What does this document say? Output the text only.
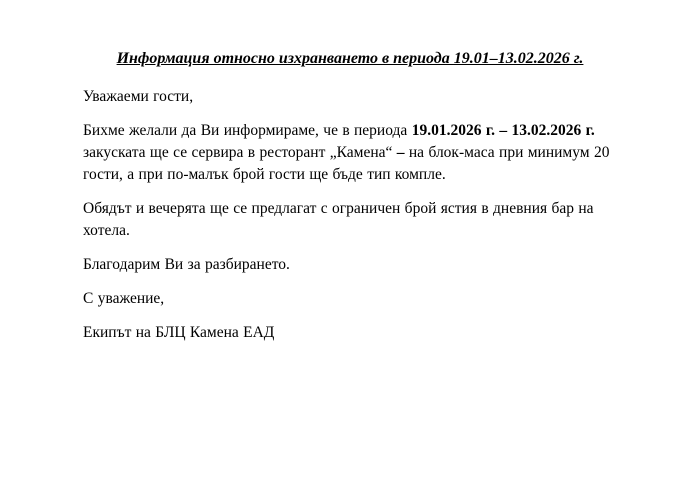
Информация относно изхранването в периода 19.01–13.02.2026 г.

Уважаеми гости,

Бихме желали да Ви информираме, че в периода 19.01.2026 г. – 13.02.2026 г. закуската ще се сервира в ресторант „Камена“ – на блок-маса при минимум 20 гости, а при по-малък брой гости ще бъде тип компле.

Обядът и вечерята ще се предлагат с ограничен брой ястия в дневния бар на хотела.

Благодарим Ви за разбирането.

С уважение,

Екипът на БЛЦ Камена ЕАД
